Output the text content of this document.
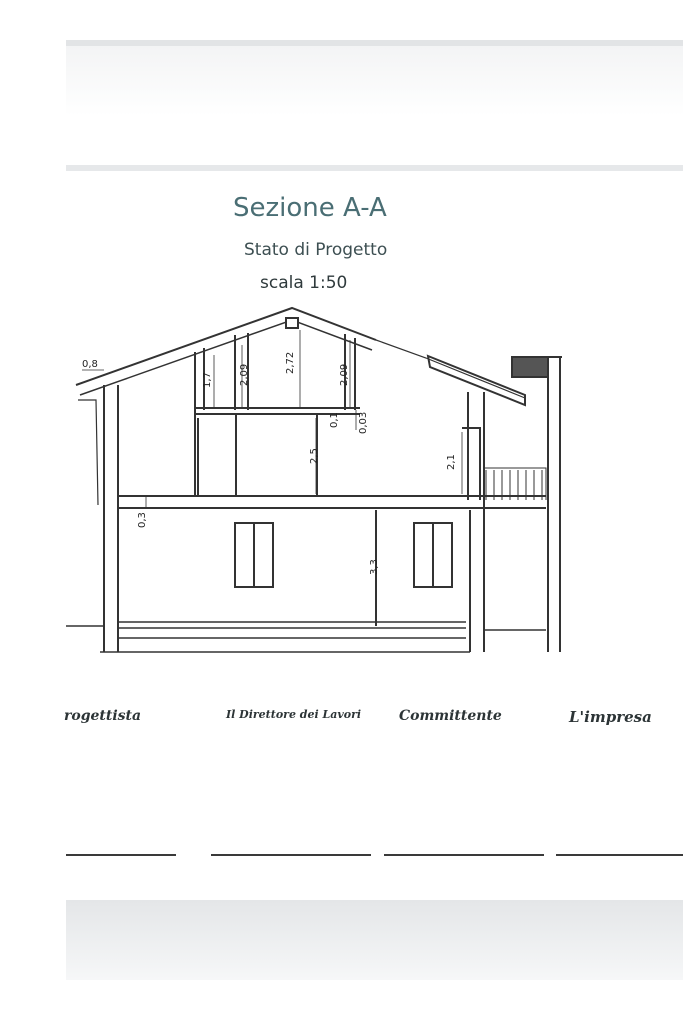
Sezione A-A
Stato di Progetto
scala 1:50
0,8
1,7	2,09
2,72
2,09
0,1 0,03
2,5	2,1
0,3
3,3
rogettista	Il Direttore dei Lavori	Committente	L'impresa
